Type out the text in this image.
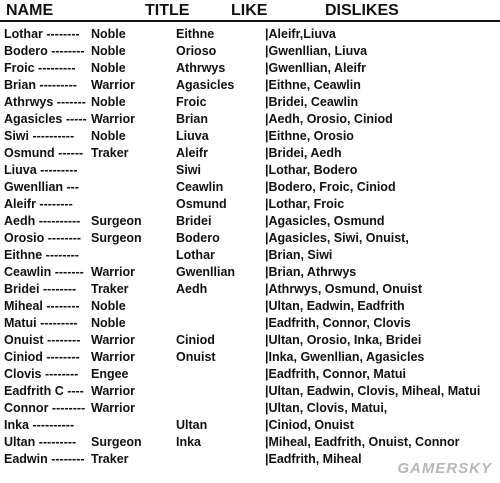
NAME	TITLE	LIKE	DISLIKES
Lothar -------- Noble	Eithne	|Aleifr,Liuva
Bodero -------- Noble	Orioso	|Gwenllian, Liuva
Froic --------- Noble	Athrwys	|Gwenllian, Aleifr
Brian --------- Warrior	Agasicles |Eithne, Ceawlin
Athrwys ------- Noble	Froic	|Bridei, Ceawlin
Agasicles ----- Warrior	Brian	|Aedh, Orosio, Ciniod
Siwi ---------- Noble	Liuva	|Eithne, Orosio
Osmund ------ Traker	Aleifr	|Bridei, Aedh
Liuva ---------	Siwi	|Lothar, Bodero
Gwenllian ---	Ceawlin	|Bodero, Froic, Ciniod
Aleifr --------	Osmund	|Lothar, Froic
Aedh ---------- Surgeon	Bridei	|Agasicles, Osmund
Orosio -------- Surgeon	Bodero	|Agasicles, Siwi, Onuist,
Eithne --------	Lothar	|Brian, Siwi
Ceawlin ------- Warrior	Gwenllian |Brian, Athrwys
Bridei -------- Traker	Aedh	|Athrwys, Osmund, Onuist
Miheal -------- Noble	|Ultan, Eadwin, Eadfrith
Matui --------- Noble	|Eadfrith, Connor, Clovis
Onuist -------- Warrior	Ciniod	|Ultan, Orosio, Inka, Bridei
Ciniod -------- Warrior	Onuist	|Inka, Gwenllian, Agasicles
Clovis -------- Engee	|Eadfrith, Connor, Matui
Eadfrith C ---- Warrior	|Ultan, Eadwin, Clovis, Miheal, Matui
Connor -------- Warrior	|Ultan, Clovis, Matui,
Inka ----------	Ultan	|Ciniod, Onuist
Ultan --------- Surgeon	Inka	|Miheal, Eadfrith, Onuist, Connor
Eadwin -------- Traker	|Eadfrith, Miheal
GAMERSKY
